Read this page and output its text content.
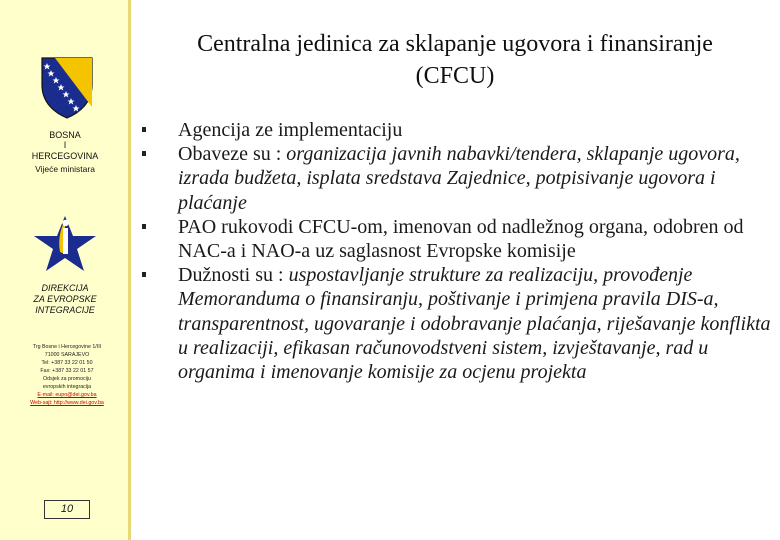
BOSNA
I
HERCEGOVINA
Vijeće ministara
DIREKCIJA
ZA EVROPSKE
INTEGRACIJE
Trg Bosne i Hercegovine 1/III
71000 SARAJEVO
Tel: +387 33 22 01 50
Fax: +387 33 22 01 57
Odsjek za promociju
evropskih integracija
E-mail: eupo@dei.gov.ba
Web-sajt: http://www.dei.gov.ba
10
Centralna jedinica za sklapanje ugovora i finansiranje (CFCU)
Agencija ze implementaciju
Obaveze su : organizacija javnih nabavki/tendera, sklapanje ugovora, izrada budžeta, isplata sredstava Zajednice, potpisivanje ugovora i plaćanje
PAO rukovodi CFCU-om, imenovan od nadležnog organa, odobren od NAC-a i NAO-a uz saglasnost Evropske komisije
Dužnosti su : uspostavljanje strukture za realizaciju, provođenje Memoranduma o finansiranju, poštivanje i primjena pravila DIS-a, transparentnost, ugovaranje i odobravanje plaćanja, riješavanje konflikta u realizaciji, efikasan računovodstveni sistem, izvještavanje, rad u organima i imenovanje komisije za ocjenu projekta
